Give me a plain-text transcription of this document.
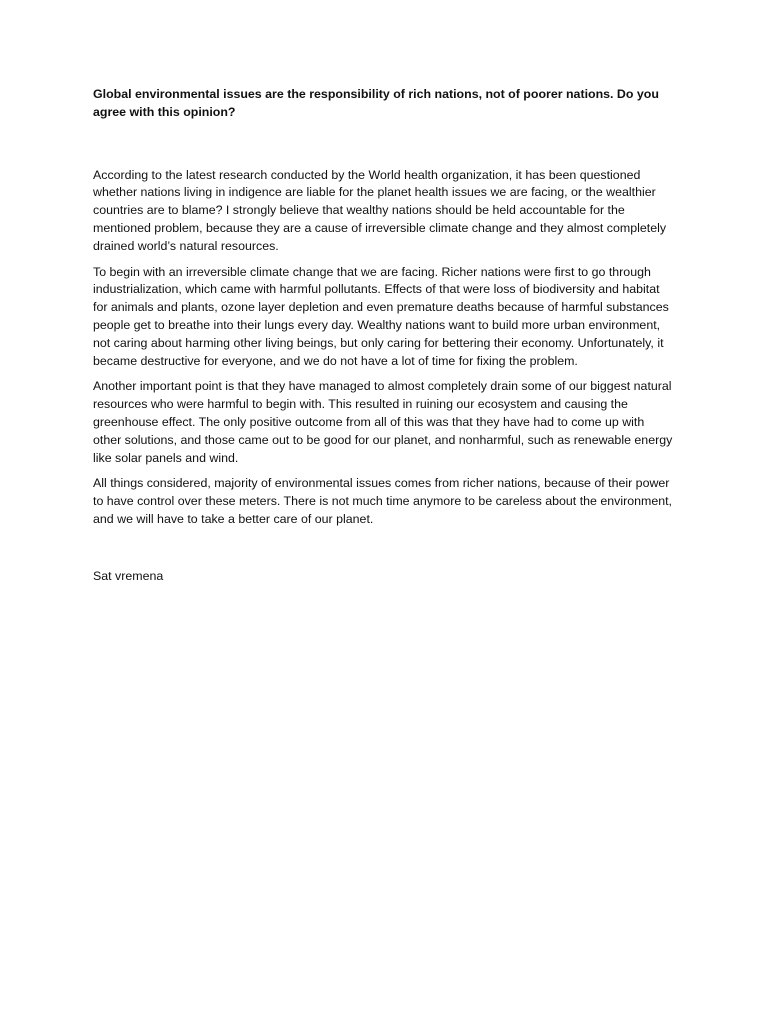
Global environmental issues are the responsibility of rich nations, not of poorer nations. Do you agree with this opinion?

According to the latest research conducted by the World health organization, it has been questioned whether nations living in indigence are liable for the planet health issues we are facing, or the wealthier countries are to blame? I strongly believe that wealthy nations should be held accountable for the mentioned problem, because they are a cause of irreversible climate change and they almost completely drained world’s natural resources.

To begin with an irreversible climate change that we are facing. Richer nations were first to go through industrialization, which came with harmful pollutants. Effects of that were loss of biodiversity and habitat for animals and plants, ozone layer depletion and even premature deaths because of harmful substances people get to breathe into their lungs every day. Wealthy nations want to build more urban environment, not caring about harming other living beings, but only caring for bettering their economy. Unfortunately, it became destructive for everyone, and we do not have a lot of time for fixing the problem.

Another important point is that they have managed to almost completely drain some of our biggest natural resources who were harmful to begin with. This resulted in ruining our ecosystem and causing the greenhouse effect. The only positive outcome from all of this was that they have had to come up with other solutions, and those came out to be good for our planet, and nonharmful, such as renewable energy like solar panels and wind.

All things considered, majority of environmental issues comes from richer nations, because of their power to have control over these meters. There is not much time anymore to be careless about the environment, and we will have to take a better care of our planet.

Sat vremena
